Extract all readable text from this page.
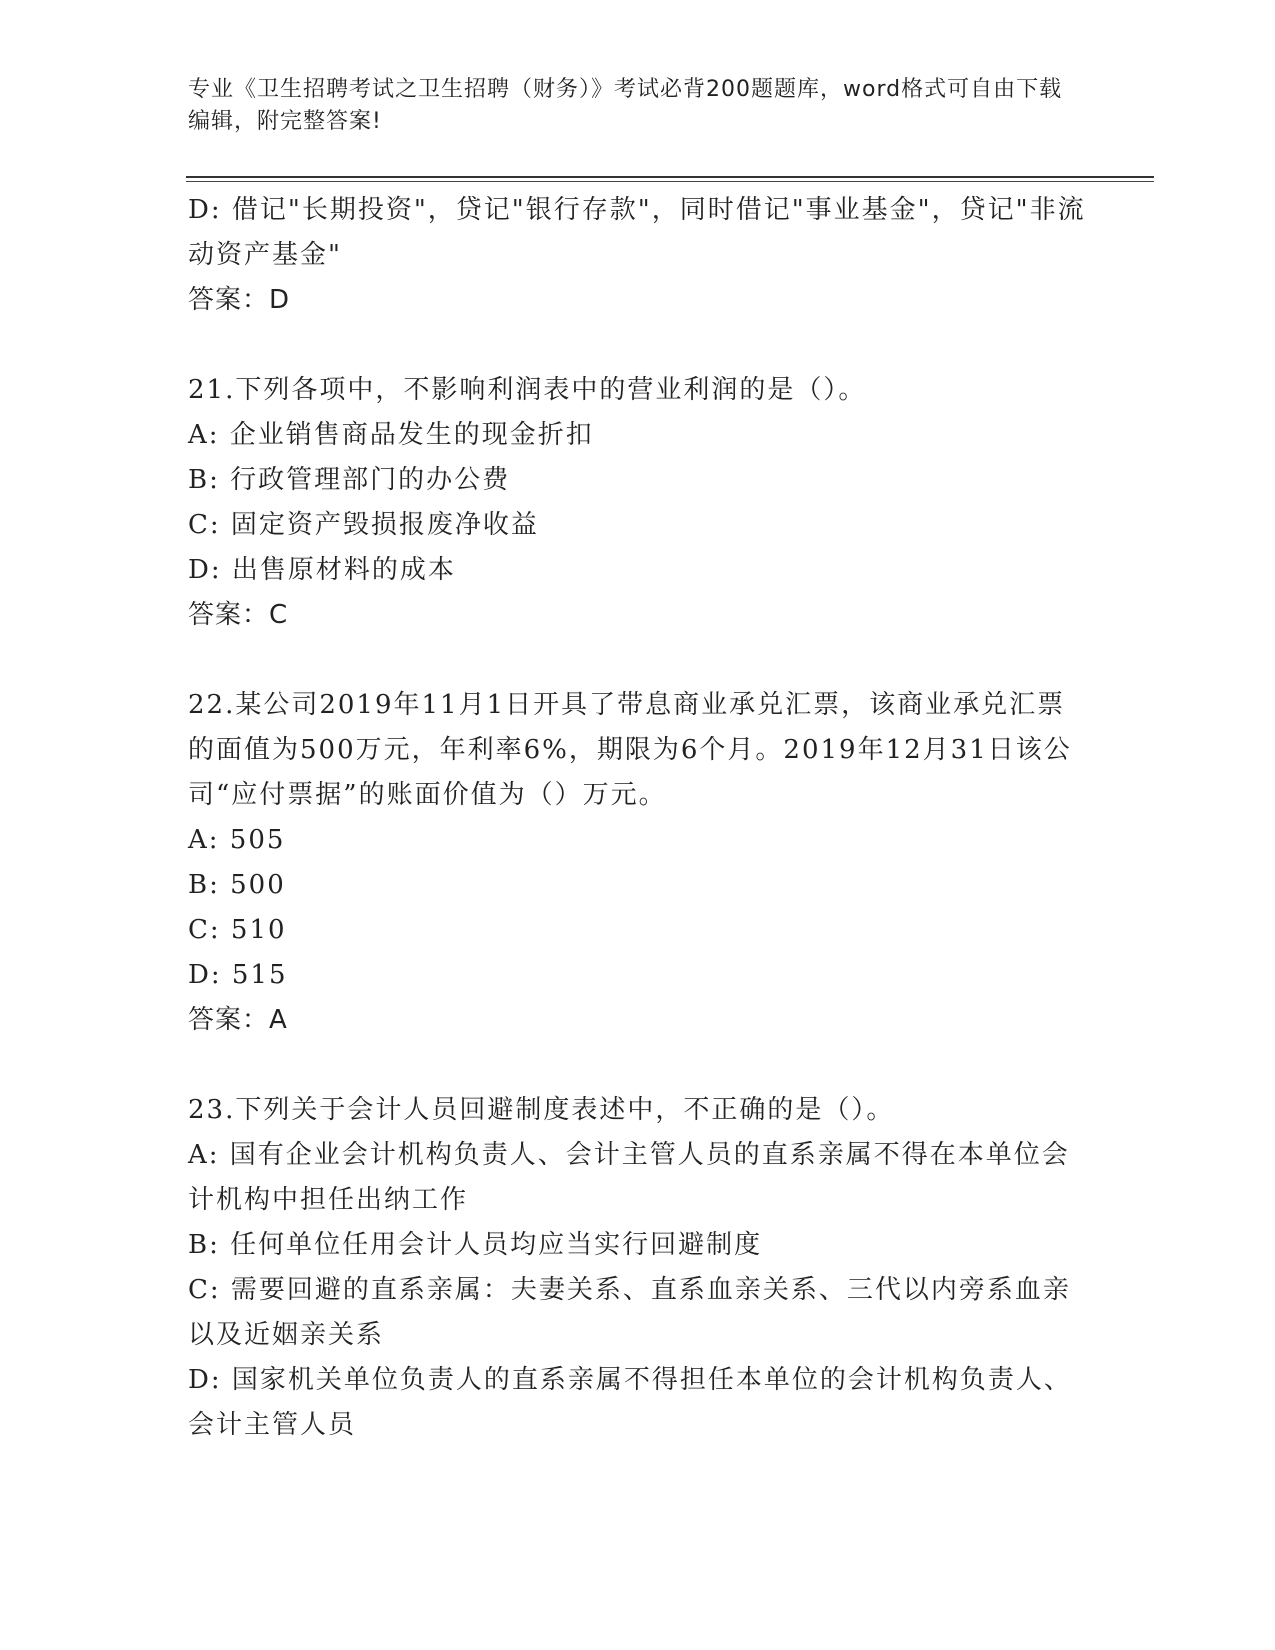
专业《卫生招聘考试之卫生招聘（财务）》考试必背200题题库，word格式可自由下载编辑，附完整答案!
D: 借记"长期投资"，贷记"银行存款"，同时借记"事业基金"，贷记"非流动资产基金"
答案：D
21.下列各项中，不影响利润表中的营业利润的是（）。
A: 企业销售商品发生的现金折扣
B: 行政管理部门的办公费
C: 固定资产毁损报废净收益
D: 出售原材料的成本
答案：C
22.某公司2019年11月1日开具了带息商业承兑汇票，该商业承兑汇票的面值为500万元，年利率6%，期限为6个月。2019年12月31日该公司“应付票据”的账面价值为（）万元。
A: 505
B: 500
C: 510
D: 515
答案：A
23.下列关于会计人员回避制度表述中，不正确的是（）。
A: 国有企业会计机构负责人、会计主管人员的直系亲属不得在本单位会计机构中担任出纳工作
B: 任何单位任用会计人员均应当实行回避制度
C: 需要回避的直系亲属：夫妻关系、直系血亲关系、三代以内旁系血亲以及近姻亲关系
D: 国家机关单位负责人的直系亲属不得担任本单位的会计机构负责人、会计主管人员
